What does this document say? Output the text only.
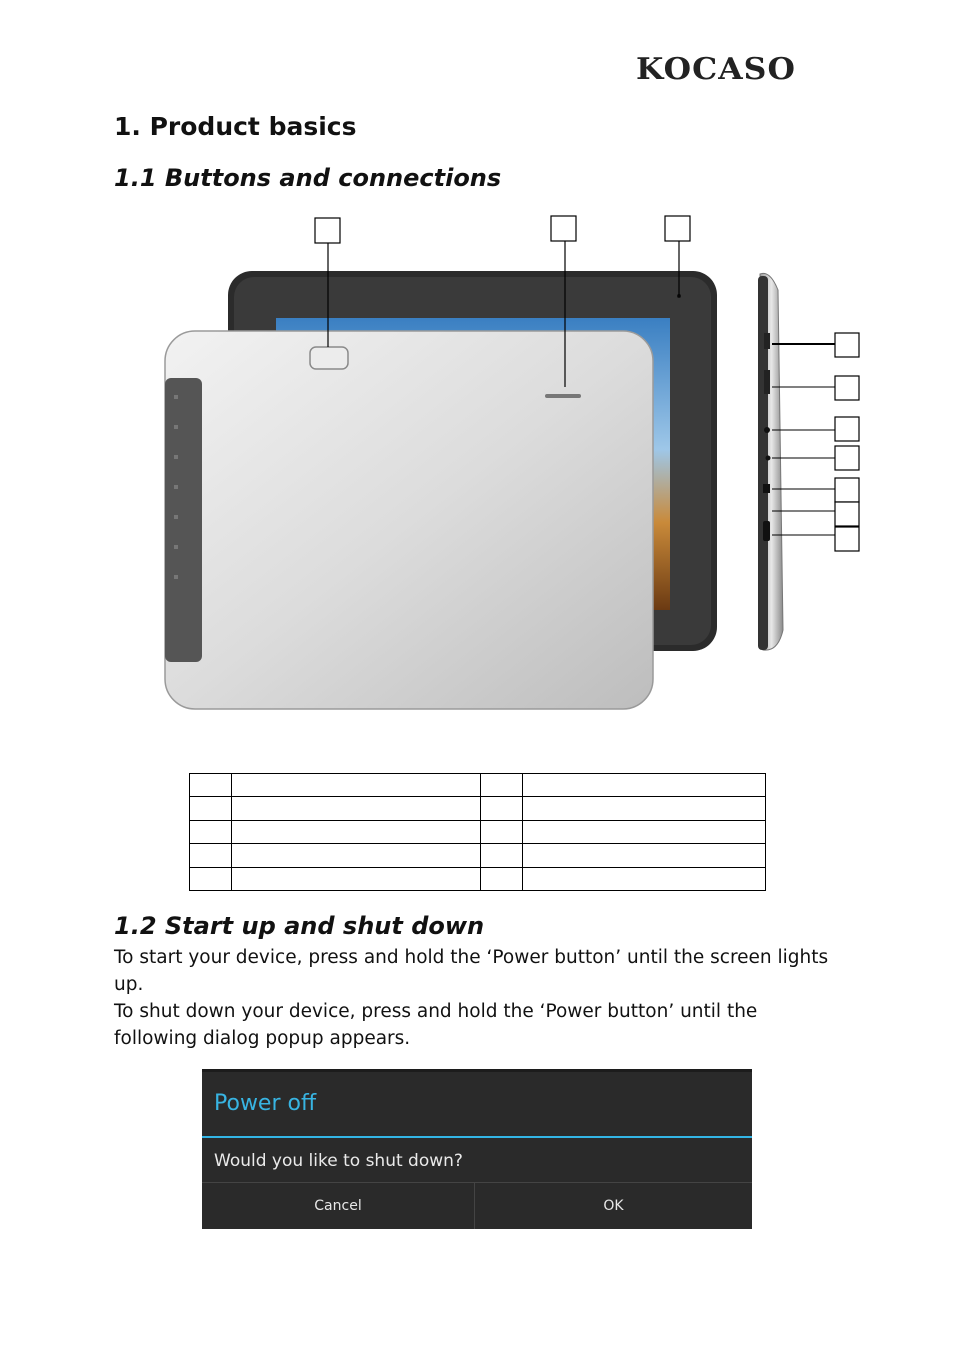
KOCASO
1. Product basics
1.1 Buttons and connections

1.2 Start up and shut down

To start your device, press and hold the ‘Power button’ until the screen lights up.

To shut down your device, press and hold the ‘Power button’ until the following dialog popup appears.

Power off
Would you like to shut down?
Cancel	OK
